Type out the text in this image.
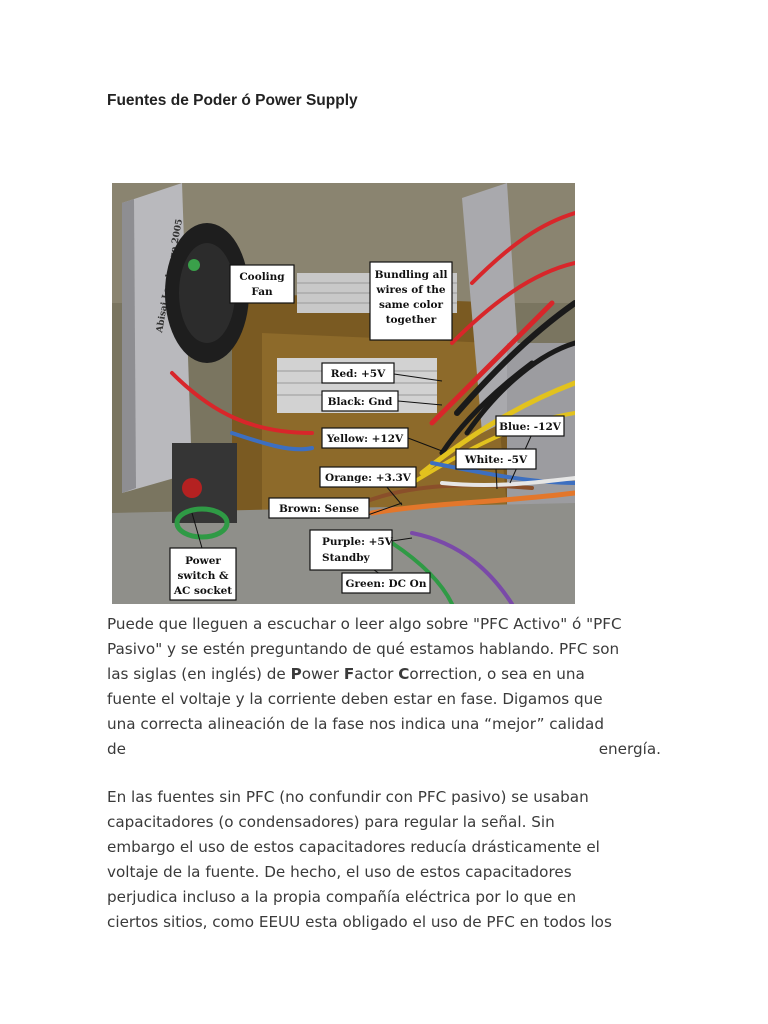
Fuentes de Poder ó Power Supply
Abisai 2005
Cooling
Fan
Bundling all
wires of the
same color
together
Red: +5V
Black: Gnd
Yellow: +12V
Blue: -12V
White: -5V
Orange: +3.3V
Brown: Sense
Purple: +5V
Standby
Green: DC On
Power
switch &
AC socket
Puede que lleguen a escuchar o leer algo sobre "PFC Activo" ó "PFC
Pasivo" y se estén preguntando de qué estamos hablando. PFC son
las siglas (en inglés) de Power Factor Correction, o sea en una
fuente el voltaje y la corriente deben estar en fase. Digamos que
una correcta alineación de la fase nos indica una “mejor” calidad
de	energía.
En las fuentes sin PFC (no confundir con PFC pasivo) se usaban
capacitadores (o condensadores) para regular la señal. Sin
embargo el uso de estos capacitadores reducía drásticamente el
voltaje de la fuente. De hecho, el uso de estos capacitadores
perjudica incluso a la propia compañía eléctrica por lo que en
ciertos sitios, como EEUU esta obligado el uso de PFC en todos los
